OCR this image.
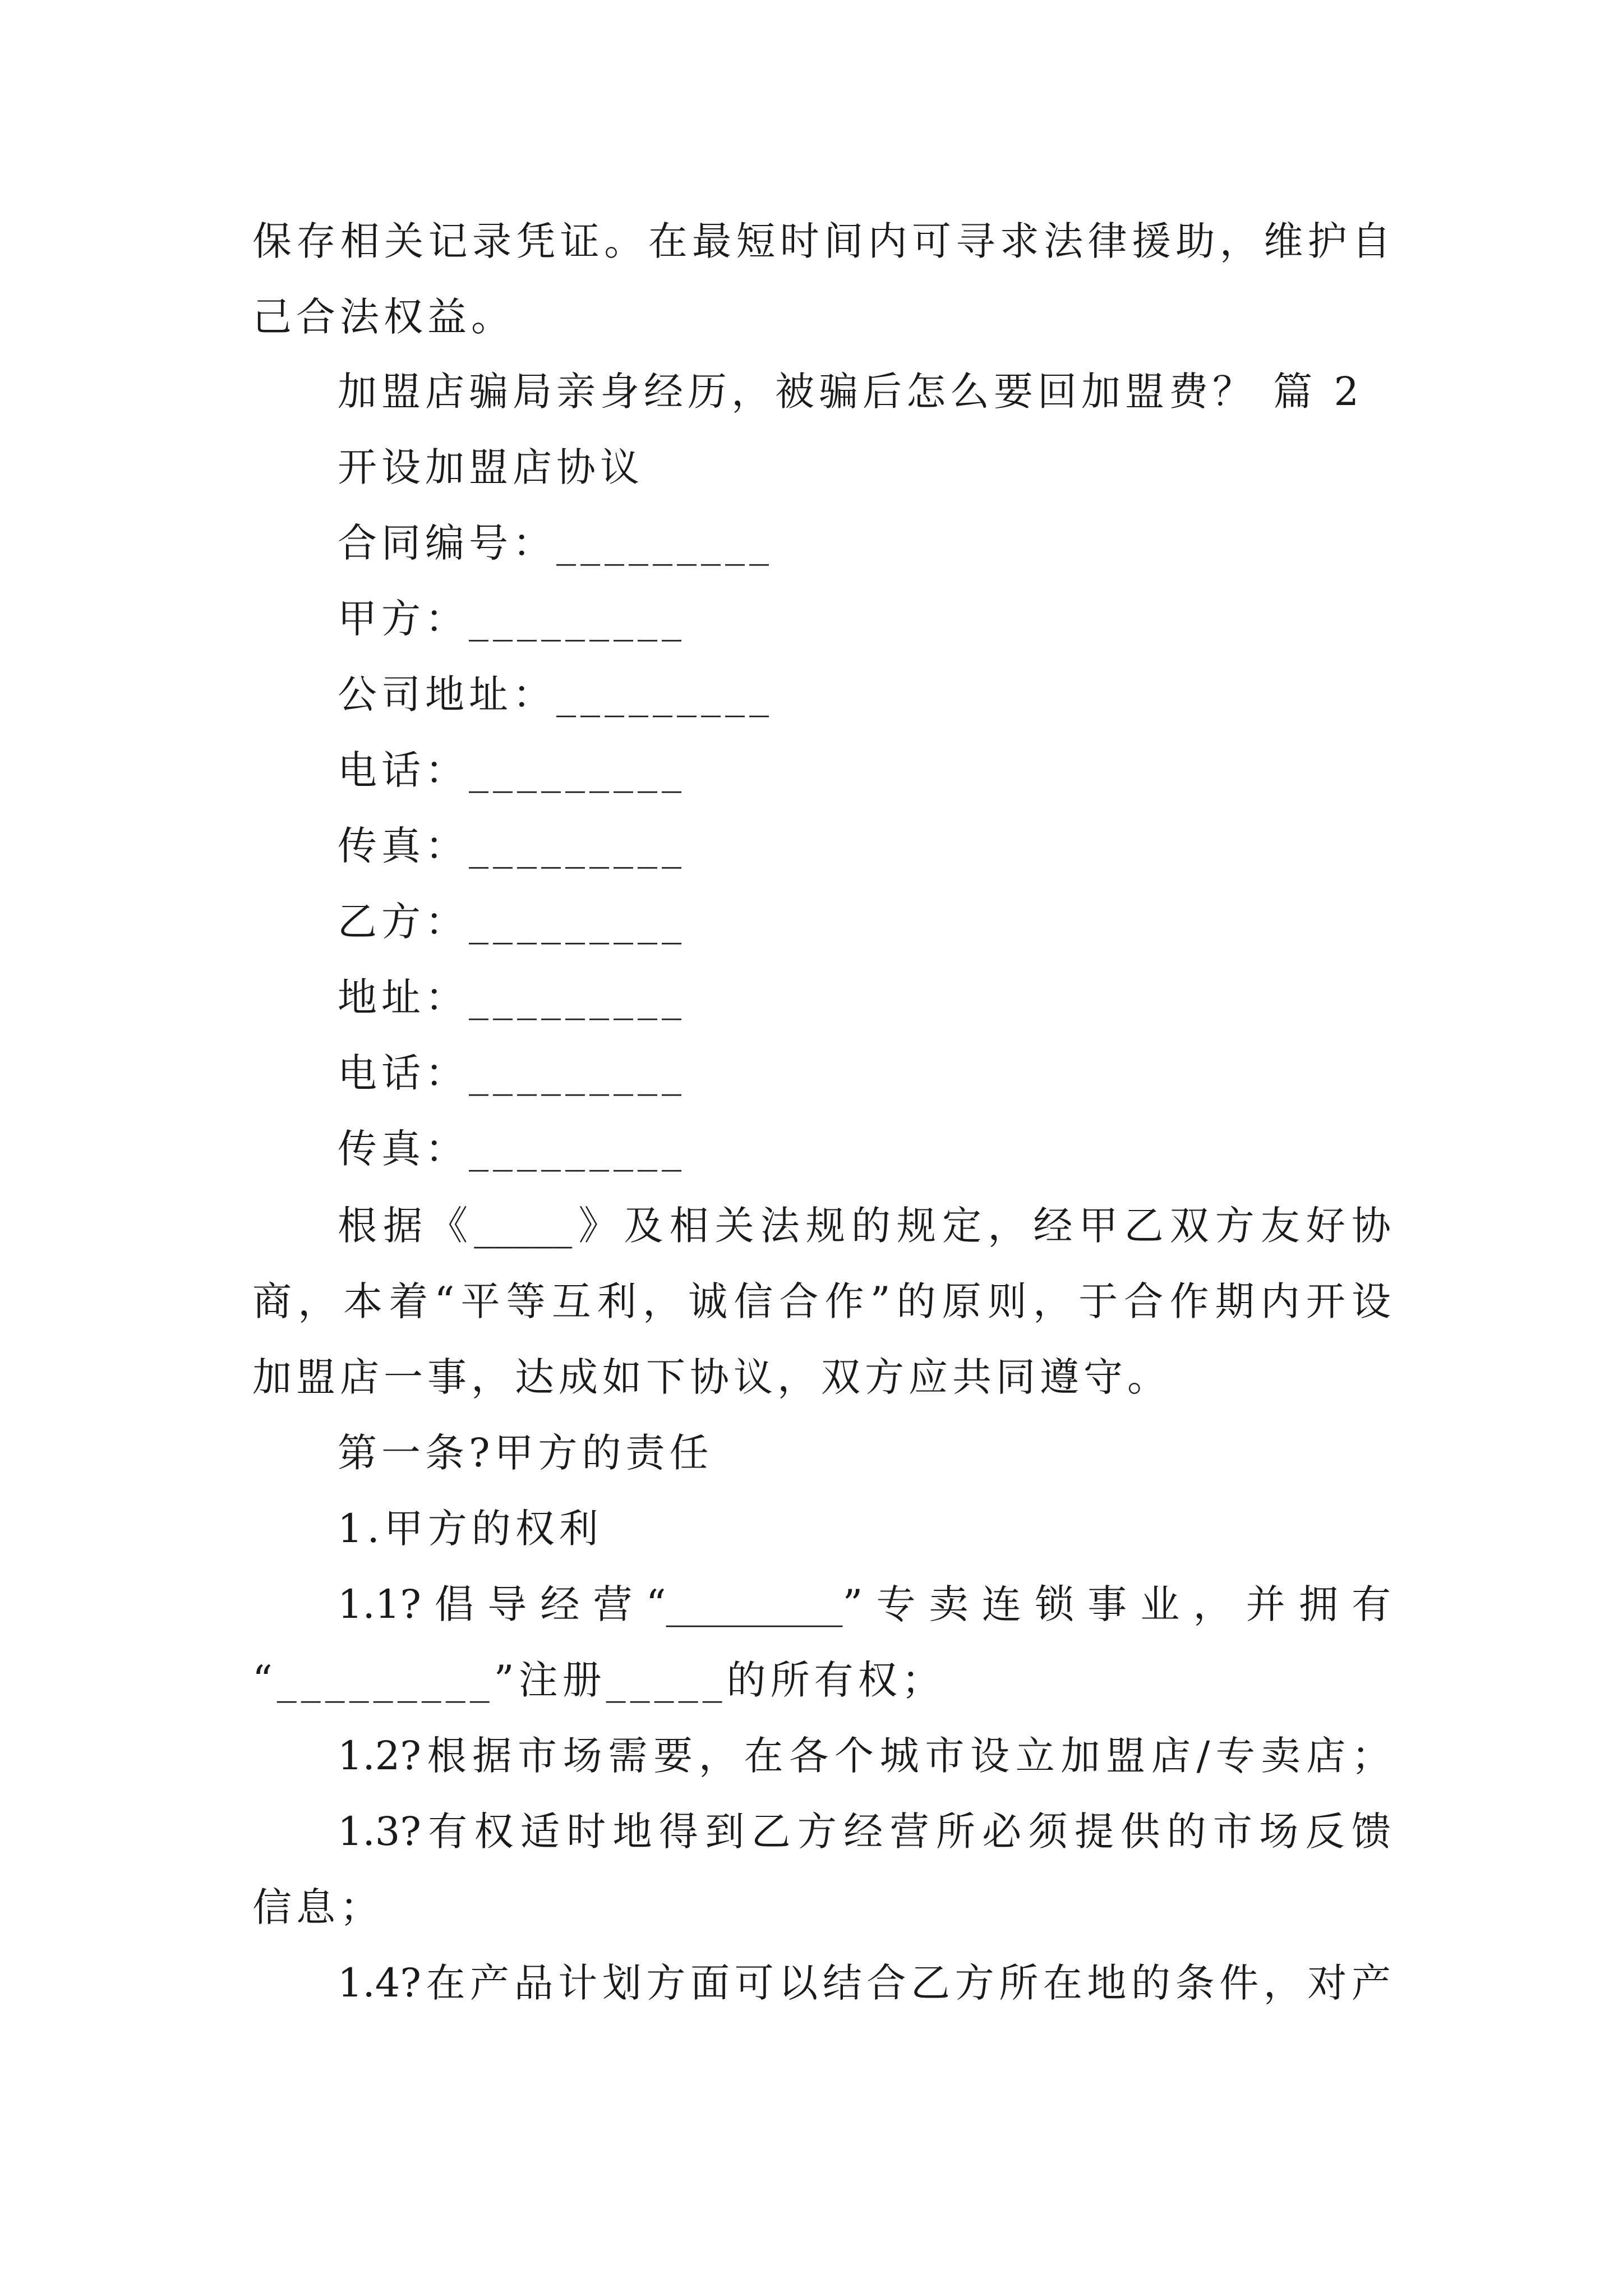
保存相关记录凭证。在最短时间内可寻求法律援助，维护自
己合法权益。
加盟店骗局亲身经历，被骗后怎么要回加盟费？ 篇 2
开设加盟店协议
合同编号：_________
甲方：_________
公司地址：_________
电话：_________
传真：_________
乙方：_________
地址：_________
电话：_________
传真：_________
根据《_____》及相关法规的规定，经甲乙双方友好协
商，本着“平等互利，诚信合作”的原则，于合作期内开设
加盟店一事，达成如下协议，双方应共同遵守。
第一条?甲方的责任
1.甲方的权利
1.1?倡导经营“_________”专卖连锁事业，并拥有
“_________”注册_____的所有权；
1.2?根据市场需要，在各个城市设立加盟店/专卖店；
1.3?有权适时地得到乙方经营所必须提供的市场反馈
信息；
1.4?在产品计划方面可以结合乙方所在地的条件，对产
